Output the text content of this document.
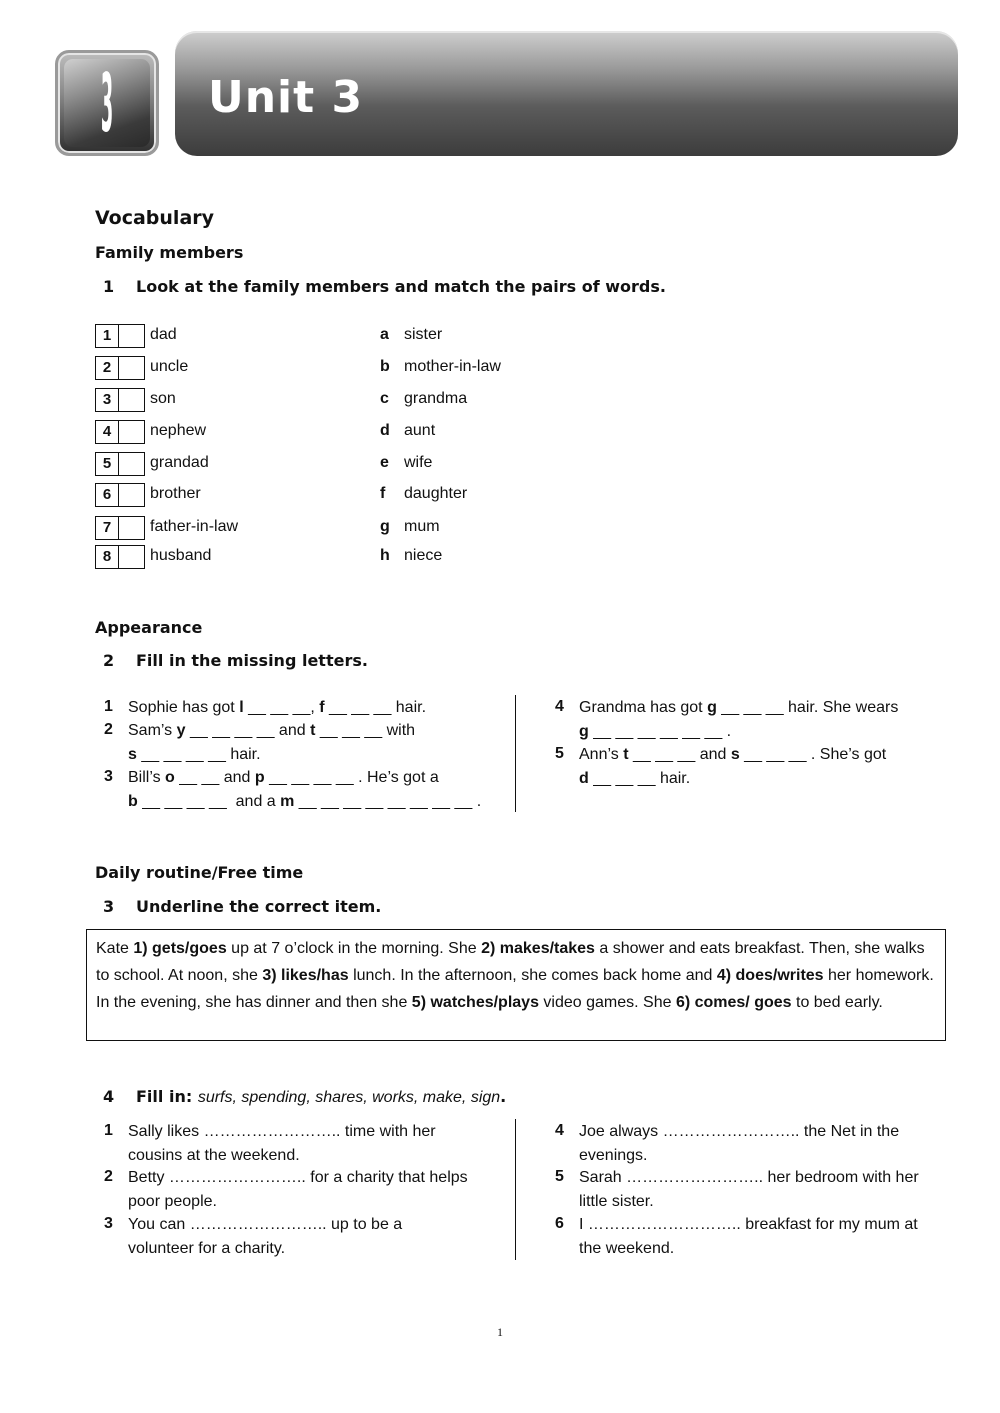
3 Unit 3
Vocabulary
Family members
1 Look at the family members and match the pairs of words.
1	dad	a sister
2	uncle	b mother-in-law
3	son	c grandma
4	nephew	d aunt
5	grandad	e wife
6	brother	f daughter
7	father-in-law	g mum
8	husband	h niece
Appearance
2 Fill in the missing letters.
1 Sophie has got l __ __ __, f __ __ __ hair.
2 Sam’s y __ __ __ __ and t __ __ __ with
s __ __ __ __ hair.
3 Bill’s o __ __ and p __ __ __ __ . He’s got a
b __ __ __ __  and a m __ __ __ __ __ __ __ __ .
4 Grandma has got g __ __ __ hair. She wears
g __ __ __ __ __ __ .
5 Ann’s t __ __ __ and s __ __ __ . She’s got
d __ __ __ hair.
Daily routine/Free time
3 Underline the correct item.
Kate 1) gets/goes up at 7 o’clock in the morning. She 2) makes/takes a shower and eats breakfast. Then, she walks to school. At noon, she 3) likes/has lunch. In the afternoon, she comes back home and 4) does/writes her homework. In the evening, she has dinner and then she 5) watches/plays video games. She 6) comes/ goes to bed early.
4 Fill in: surfs, spending, shares, works, make, sign.
1 Sally likes …………………….. time with her
cousins at the weekend.
2 Betty …………………….. for a charity that helps
poor people.
3 You can …………………….. up to be a
volunteer for a charity.
4 Joe always …………………….. the Net in the
evenings.
5 Sarah …………………….. her bedroom with her
little sister.
6 I ……………………….. breakfast for my mum at
the weekend.
1
